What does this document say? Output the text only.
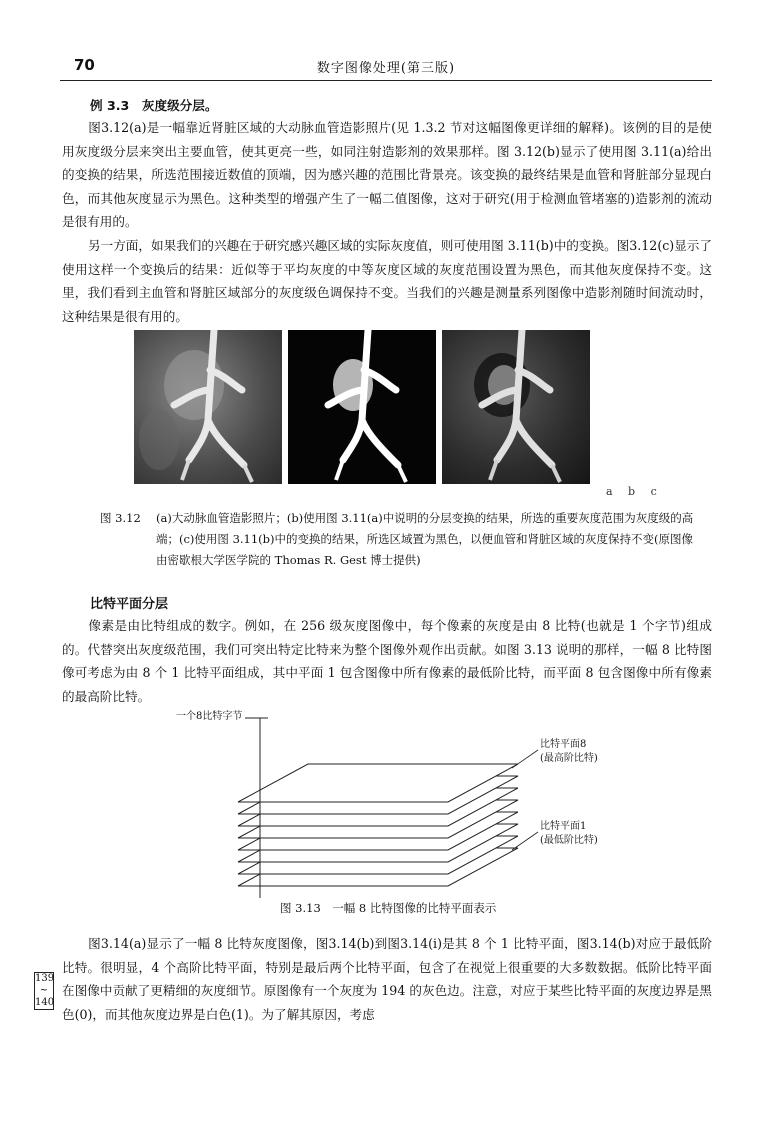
70	数字图像处理(第三版)
例 3.3　灰度级分层。

图3.12(a)是一幅靠近肾脏区域的大动脉血管造影照片(见 1.3.2 节对这幅图像更详细的解释)。该例的目的是使用灰度级分层来突出主要血管，使其更亮一些，如同注射造影剂的效果那样。图 3.12(b)显示了使用图 3.11(a)给出的变换的结果，所选范围接近数值的顶端，因为感兴趣的范围比背景亮。该变换的最终结果是血管和肾脏部分显现白色，而其他灰度显示为黑色。这种类型的增强产生了一幅二值图像，这对于研究(用于检测血管堵塞的)造影剂的流动是很有用的。

另一方面，如果我们的兴趣在于研究感兴趣区域的实际灰度值，则可使用图 3.11(b)中的变换。图3.12(c)显示了使用这样一个变换后的结果：近似等于平均灰度的中等灰度区域的灰度范围设置为黑色，而其他灰度保持不变。这里，我们看到主血管和肾脏区域部分的灰度级色调保持不变。当我们的兴趣是测量系列图像中造影剂随时间流动时，这种结果是很有用的。

a b c
图 3.12 (a)大动脉血管造影照片；(b)使用图 3.11(a)中说明的分层变换的结果，所选的重要灰度范围为灰度级的高端；(c)使用图 3.11(b)中的变换的结果，所选区域置为黑色，以便血管和肾脏区域的灰度保持不变(原图像由密歇根大学医学院的 Thomas R. Gest 博士提供)
比特平面分层

像素是由比特组成的数字。例如，在 256 级灰度图像中，每个像素的灰度是由 8 比特(也就是 1 个字节)组成的。代替突出灰度级范围，我们可突出特定比特来为整个图像外观作出贡献。如图 3.13 说明的那样，一幅 8 比特图像可考虑为由 8 个 1 比特平面组成，其中平面 1 包含图像中所有像素的最低阶比特，而平面 8 包含图像中所有像素的最高阶比特。

一个8比特字节
比特平面8
(最高阶比特)
比特平面1
(最低阶比特)
图 3.13　一幅 8 比特图像的比特平面表示

图3.14(a)显示了一幅 8 比特灰度图像，图3.14(b)到图3.14(i)是其 8 个 1 比特平面，图3.14(b)对应于最低阶比特。很明显，4 个高阶比特平面，特别是最后两个比特平面，包含了在视觉上很重要的大多数数据。低阶比特平面在图像中贡献了更精细的灰度细节。原图像有一个灰度为 194 的灰色边。注意，对应于某些比特平面的灰度边界是黑色(0)，而其他灰度边界是白色(1)。为了解其原因，考虑

139
~
140
